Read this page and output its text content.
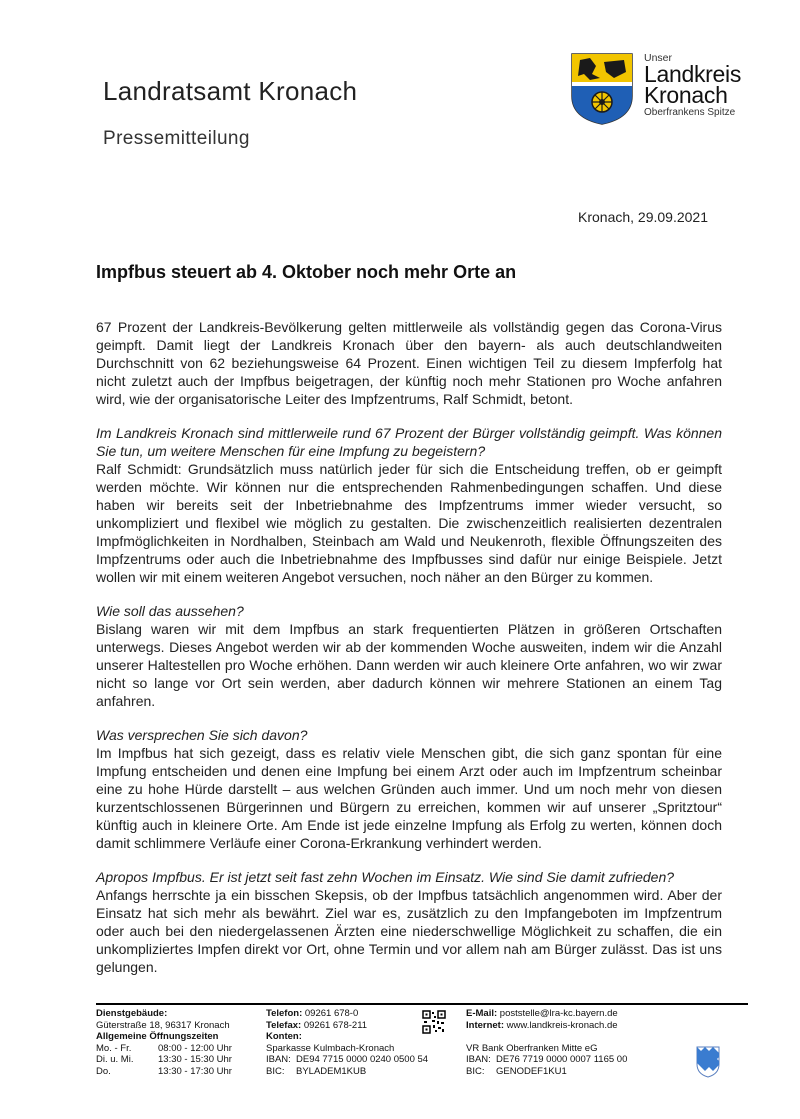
Landratsamt Kronach
Pressemitteilung
Unser
Landkreis
Kronach
Oberfrankens Spitze
Kronach, 29.09.2021
Impfbus steuert ab 4. Oktober noch mehr Orte an

67 Prozent der Landkreis-Bevölkerung gelten mittlerweile als vollständig gegen das Corona-Virus geimpft. Damit liegt der Landkreis Kronach über den bayern- als auch deutschlandweiten Durchschnitt von 62 beziehungsweise 64 Prozent. Einen wichtigen Teil zu diesem Impferfolg hat nicht zuletzt auch der Impfbus beigetragen, der künftig noch mehr Stationen pro Woche anfahren wird, wie der organisatorische Leiter des Impfzentrums, Ralf Schmidt, betont.

Im Landkreis Kronach sind mittlerweile rund 67 Prozent der Bürger vollständig geimpft. Was können Sie tun, um weitere Menschen für eine Impfung zu begeistern?
Ralf Schmidt: Grundsätzlich muss natürlich jeder für sich die Entscheidung treffen, ob er geimpft werden möchte. Wir können nur die entsprechenden Rahmenbedingungen schaffen. Und diese haben wir bereits seit der Inbetriebnahme des Impfzentrums immer wieder versucht, so unkompliziert und flexibel wie möglich zu gestalten. Die zwischenzeitlich realisierten dezentralen Impfmöglichkeiten in Nordhalben, Steinbach am Wald und Neukenroth, flexible Öffnungszeiten des Impfzentrums oder auch die Inbetriebnahme des Impfbusses sind dafür nur einige Beispiele. Jetzt wollen wir mit einem weiteren Angebot versuchen, noch näher an den Bürger zu kommen.

Wie soll das aussehen?
Bislang waren wir mit dem Impfbus an stark frequentierten Plätzen in größeren Ortschaften unterwegs. Dieses Angebot werden wir ab der kommenden Woche ausweiten, indem wir die Anzahl unserer Haltestellen pro Woche erhöhen. Dann werden wir auch kleinere Orte anfahren, wo wir zwar nicht so lange vor Ort sein werden, aber dadurch können wir mehrere Stationen an einem Tag anfahren.

Was versprechen Sie sich davon?
Im Impfbus hat sich gezeigt, dass es relativ viele Menschen gibt, die sich ganz spontan für eine Impfung entscheiden und denen eine Impfung bei einem Arzt oder auch im Impfzentrum scheinbar eine zu hohe Hürde darstellt – aus welchen Gründen auch immer. Und um noch mehr von diesen kurzentschlossenen Bürgerinnen und Bürgern zu erreichen, kommen wir auf unserer „Spritztour“ künftig auch in kleinere Orte. Am Ende ist jede einzelne Impfung als Erfolg zu werten, können doch damit schlimmere Verläufe einer Corona-Erkrankung verhindert werden.

Apropos Impfbus. Er ist jetzt seit fast zehn Wochen im Einsatz. Wie sind Sie damit zufrieden?
Anfangs herrschte ja ein bisschen Skepsis, ob der Impfbus tatsächlich angenommen wird. Aber der Einsatz hat sich mehr als bewährt. Ziel war es, zusätzlich zu den Impfangeboten im Impfzentrum oder auch bei den niedergelassenen Ärzten eine niederschwellige Möglichkeit zu schaffen, die ein unkompliziertes Impfen direkt vor Ort, ohne Termin und vor allem nah am Bürger zulässt. Das ist uns gelungen.

Dienstgebäude:
Güterstraße 18, 96317 Kronach
Allgemeine Öffnungszeiten
Mo. - Fr.	08:00 - 12:00 Uhr
Di. u. Mi.	13:30 - 15:30 Uhr
Do.	13:30 - 17:30 Uhr
Telefon: 09261 678-0
Telefax: 09261 678-211
Konten:
Sparkasse Kulmbach-Kronach
IBAN: DE94 7715 0000 0240 0500 54
BIC: BYLADEM1KUB
E-Mail: poststelle@lra-kc.bayern.de
Internet: www.landkreis-kronach.de

VR Bank Oberfranken Mitte eG
IBAN: DE76 7719 0000 0007 1165 00
BIC: GENODEF1KU1
